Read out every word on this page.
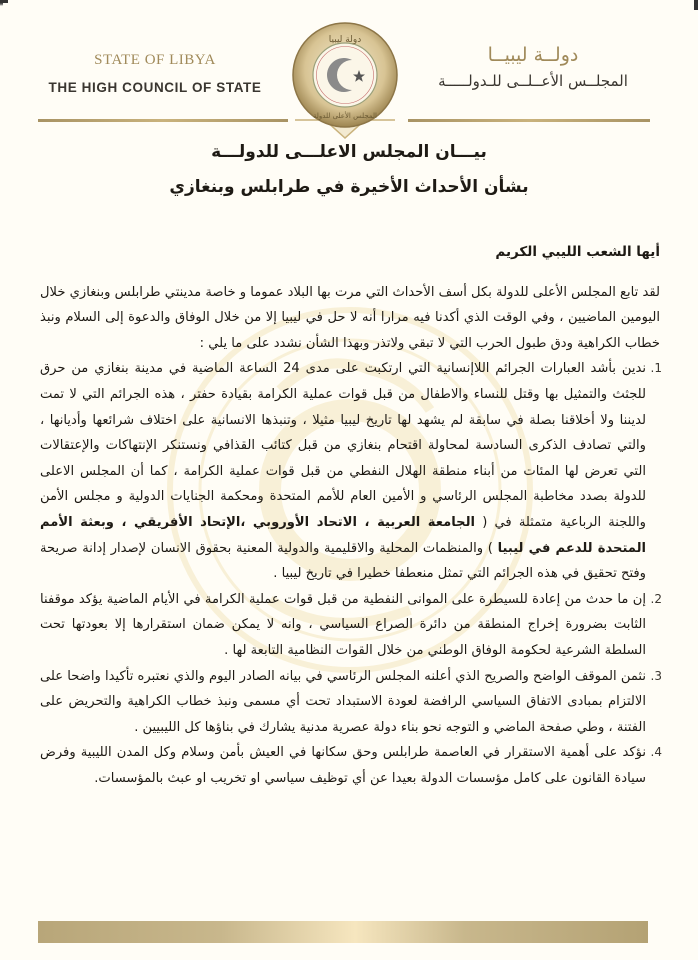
STATE OF LIBYA
THE HIGH COUNCIL OF STATE
دولة ليبيا
المجلس الأعلى للدولة
دولــة ليبيــا
المجلــس الأعــلــى للـدولـــــة
بيـــان المجلس الاعلـــى للدولـــة
بشأن الأحداث الأخيرة في طرابلس وبنغازي
أيها الشعب الليبي الكريم

لقد تابع المجلس الأعلى للدولة بكل أسف الأحداث التي مرت بها البلاد عموما و خاصة مدينتي طرابلس وبنغازي خلال اليومين الماضيين ، وفي الوقت الذي أكدنا فيه مرارا أنه لا حل في ليبيا إلا من خلال الوفاق والدعوة إلى السلام ونبذ خطاب الكراهية ودق طبول الحرب التي لا تبقي ولاتذر وبهذا الشأن نشدد على ما يلي :

1.
ندين بأشد العبارات الجرائم اللاإنسانية التي ارتكبت على مدى 24 الساعة الماضية في مدينة بنغازي من حرق للجثث والتمثيل بها وقتل للنساء والاطفال من قبل قوات عملية الكرامة بقيادة حفتر ، هذه الجرائم التي لا تمت لديننا ولا أخلاقنا بصلة في سابقة لم يشهد لها تاريخ ليبيا مثيلا ، وتنبذها الانسانية على اختلاف شرائعها وأديانها ، والتي تصادف الذكرى السادسة لمحاولة اقتحام بنغازي من قبل كتائب القذافي ونستنكر الإنتهاكات والإعتقالات التي تعرض لها المئات من أبناء منطقة الهلال النفطي من قبل قوات عملية الكرامة ، كما أن المجلس الاعلى للدولة بصدد مخاطبة المجلس الرئاسي و الأمين العام للأمم المتحدة ومحكمة الجنايات الدولية و مجلس الأمن واللجنة الرباعية متمثلة في ( الجامعة العربية ، الاتحاد الأوروبي ،الإتحاد الأفريقي ، وبعثة الأمم المتحدة للدعم في ليبيا ) والمنظمات المحلية والاقليمية والدولية المعنية بحقوق الانسان لإصدار إدانة صريحة وفتح تحقيق في هذه الجرائم التي تمثل منعطفا خطيرا في تاريخ ليبيا .
2.
إن ما حدث من إعادة للسيطرة على الموانى النفطية من قبل قوات عملية الكرامة في الأيام الماضية يؤكد موقفنا الثابت بضرورة إخراج المنطقة من دائرة الصراع السياسي ، وانه لا يمكن ضمان استقرارها إلا بعودتها تحت السلطة الشرعية لحكومة الوفاق الوطني من خلال القوات النظامية التابعة لها .
3.
نثمن الموقف الواضح والصريح الذي أعلنه المجلس الرئاسي في بيانه الصادر اليوم والذي نعتبره تأكيدا واضحا على الالتزام بمبادى الاتفاق السياسي الرافضة لعودة الاستبداد تحت أي مسمى ونبذ خطاب الكراهية والتحريض على الفتنة ، وطي صفحة الماضي و التوجه نحو بناء دولة عصرية مدنية يشارك في بناؤها كل الليبيين .
4.
نؤكد على أهمية الاستقرار في العاصمة طرابلس وحق سكانها في العيش بأمن وسلام وكل المدن الليبية وفرض سيادة القانون على كامل مؤسسات الدولة بعيدا عن أي توظيف سياسي او تخريب او عبث بالمؤسسات.
